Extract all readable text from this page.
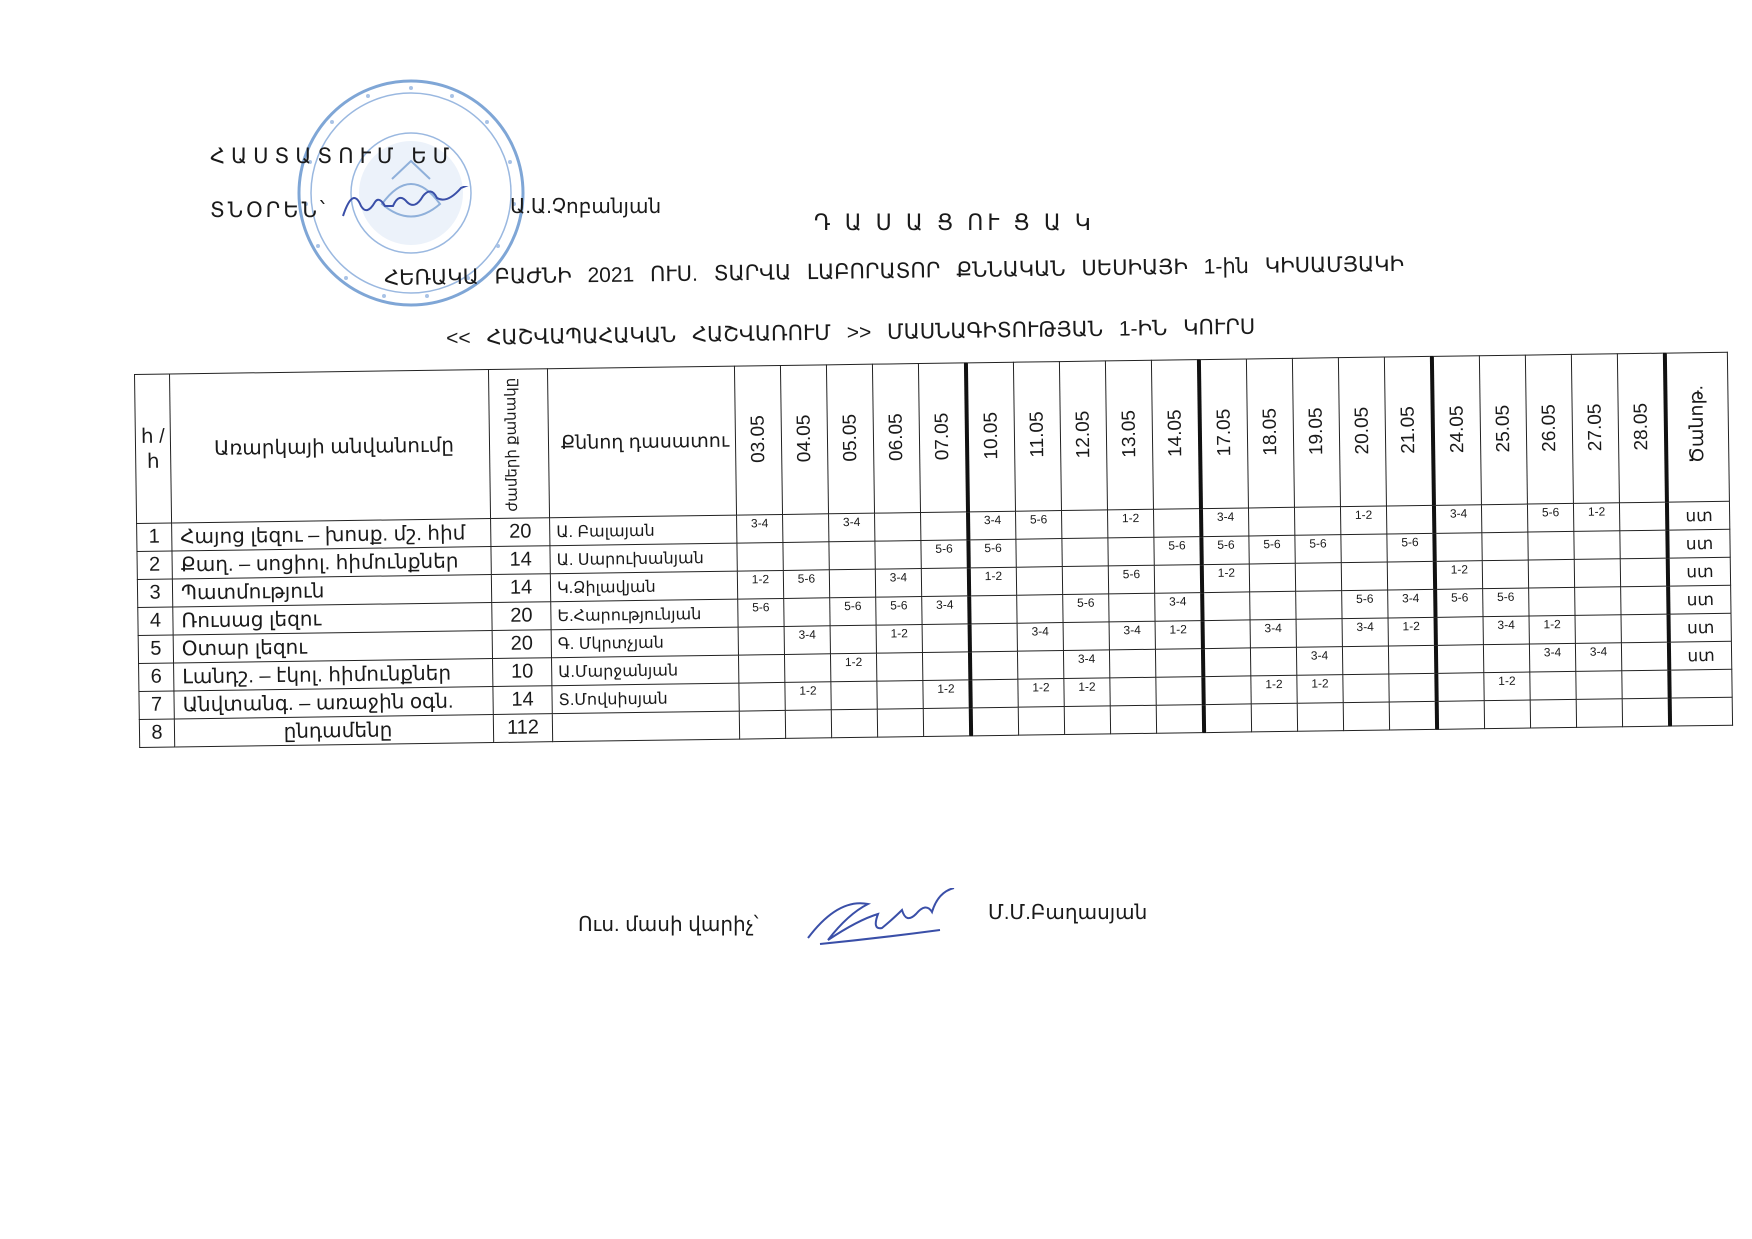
ՀԱՍՏԱՏՈՒՄ ԵՄ
ՏՆՕՐԵՆ՝	Ա.Ա.Չոբանյան
Դ Ա Ս Ա Ց ՈՒ Ց Ա Կ
ՀԵՌԱԿԱ ԲԱԺՆԻ 2021 ՈՒՍ. ՏԱՐՎԱ ԼԱԲՈՐԱՏՈՐ ՔՆՆԱԿԱՆ ՍԵՍԻԱՅԻ 1-ին ԿԻՍԱՄՅԱԿԻ
<< ՀԱՇՎԱՊԱՀԱԿԱՆ ՀԱՇՎԱՌՈՒՄ >> ՄԱՍՆԱԳԻՏՈՒԹՅԱՆ 1-ԻՆ ԿՈՒՐՍ
հ / հ	Առարկայի անվանումը	ժամերի քանակը	Քննող դասատու	03.05	04.05	05.05	06.05	07.05	10.05	11.05	12.05	13.05	14.05	17.05	18.05	19.05	20.05	21.05	24.05	25.05	26.05	27.05	28.05	Ծանոթ.
1	Հայոց լեզու – խոսք. մշ. հիմ	20	Ա. Բալայան	3-4		3-4			3-4	5-6		1-2		3-4			1-2		3-4		5-6	1-2		ստ
2	Քաղ. – սոցիոլ. հիմունքներ	14	Ա. Սարուխանյան					5-6	5-6				5-6	5-6	5-6	5-6		5-6						ստ
3	Պատմություն	14	Կ.Ձիլավյան	1-2	5-6		3-4		1-2			5-6		1-2					1-2					ստ
4	Ռուսաց լեզու	20	Ե.Հարությունյան	5-6		5-6	5-6	3-4			5-6		3-4				5-6	3-4	5-6	5-6				ստ
5	Օտար լեզու	20	Գ. Մկրտչյան		3-4		1-2			3-4		3-4	1-2		3-4		3-4	1-2		3-4	1-2			ստ
6	Լանդշ. – էկոլ. հիմունքներ	10	Ա.Մարջանյան			1-2					3-4					3-4					3-4	3-4		ստ
7	Անվտանգ. – առաջին օգն.	14	Տ.Մովսիսյան		1-2			1-2		1-2	1-2				1-2	1-2				1-2				

8	ընդամենը	112																						
Ուս. մասի վարիչ՝
Մ.Մ.Բաղասյան
